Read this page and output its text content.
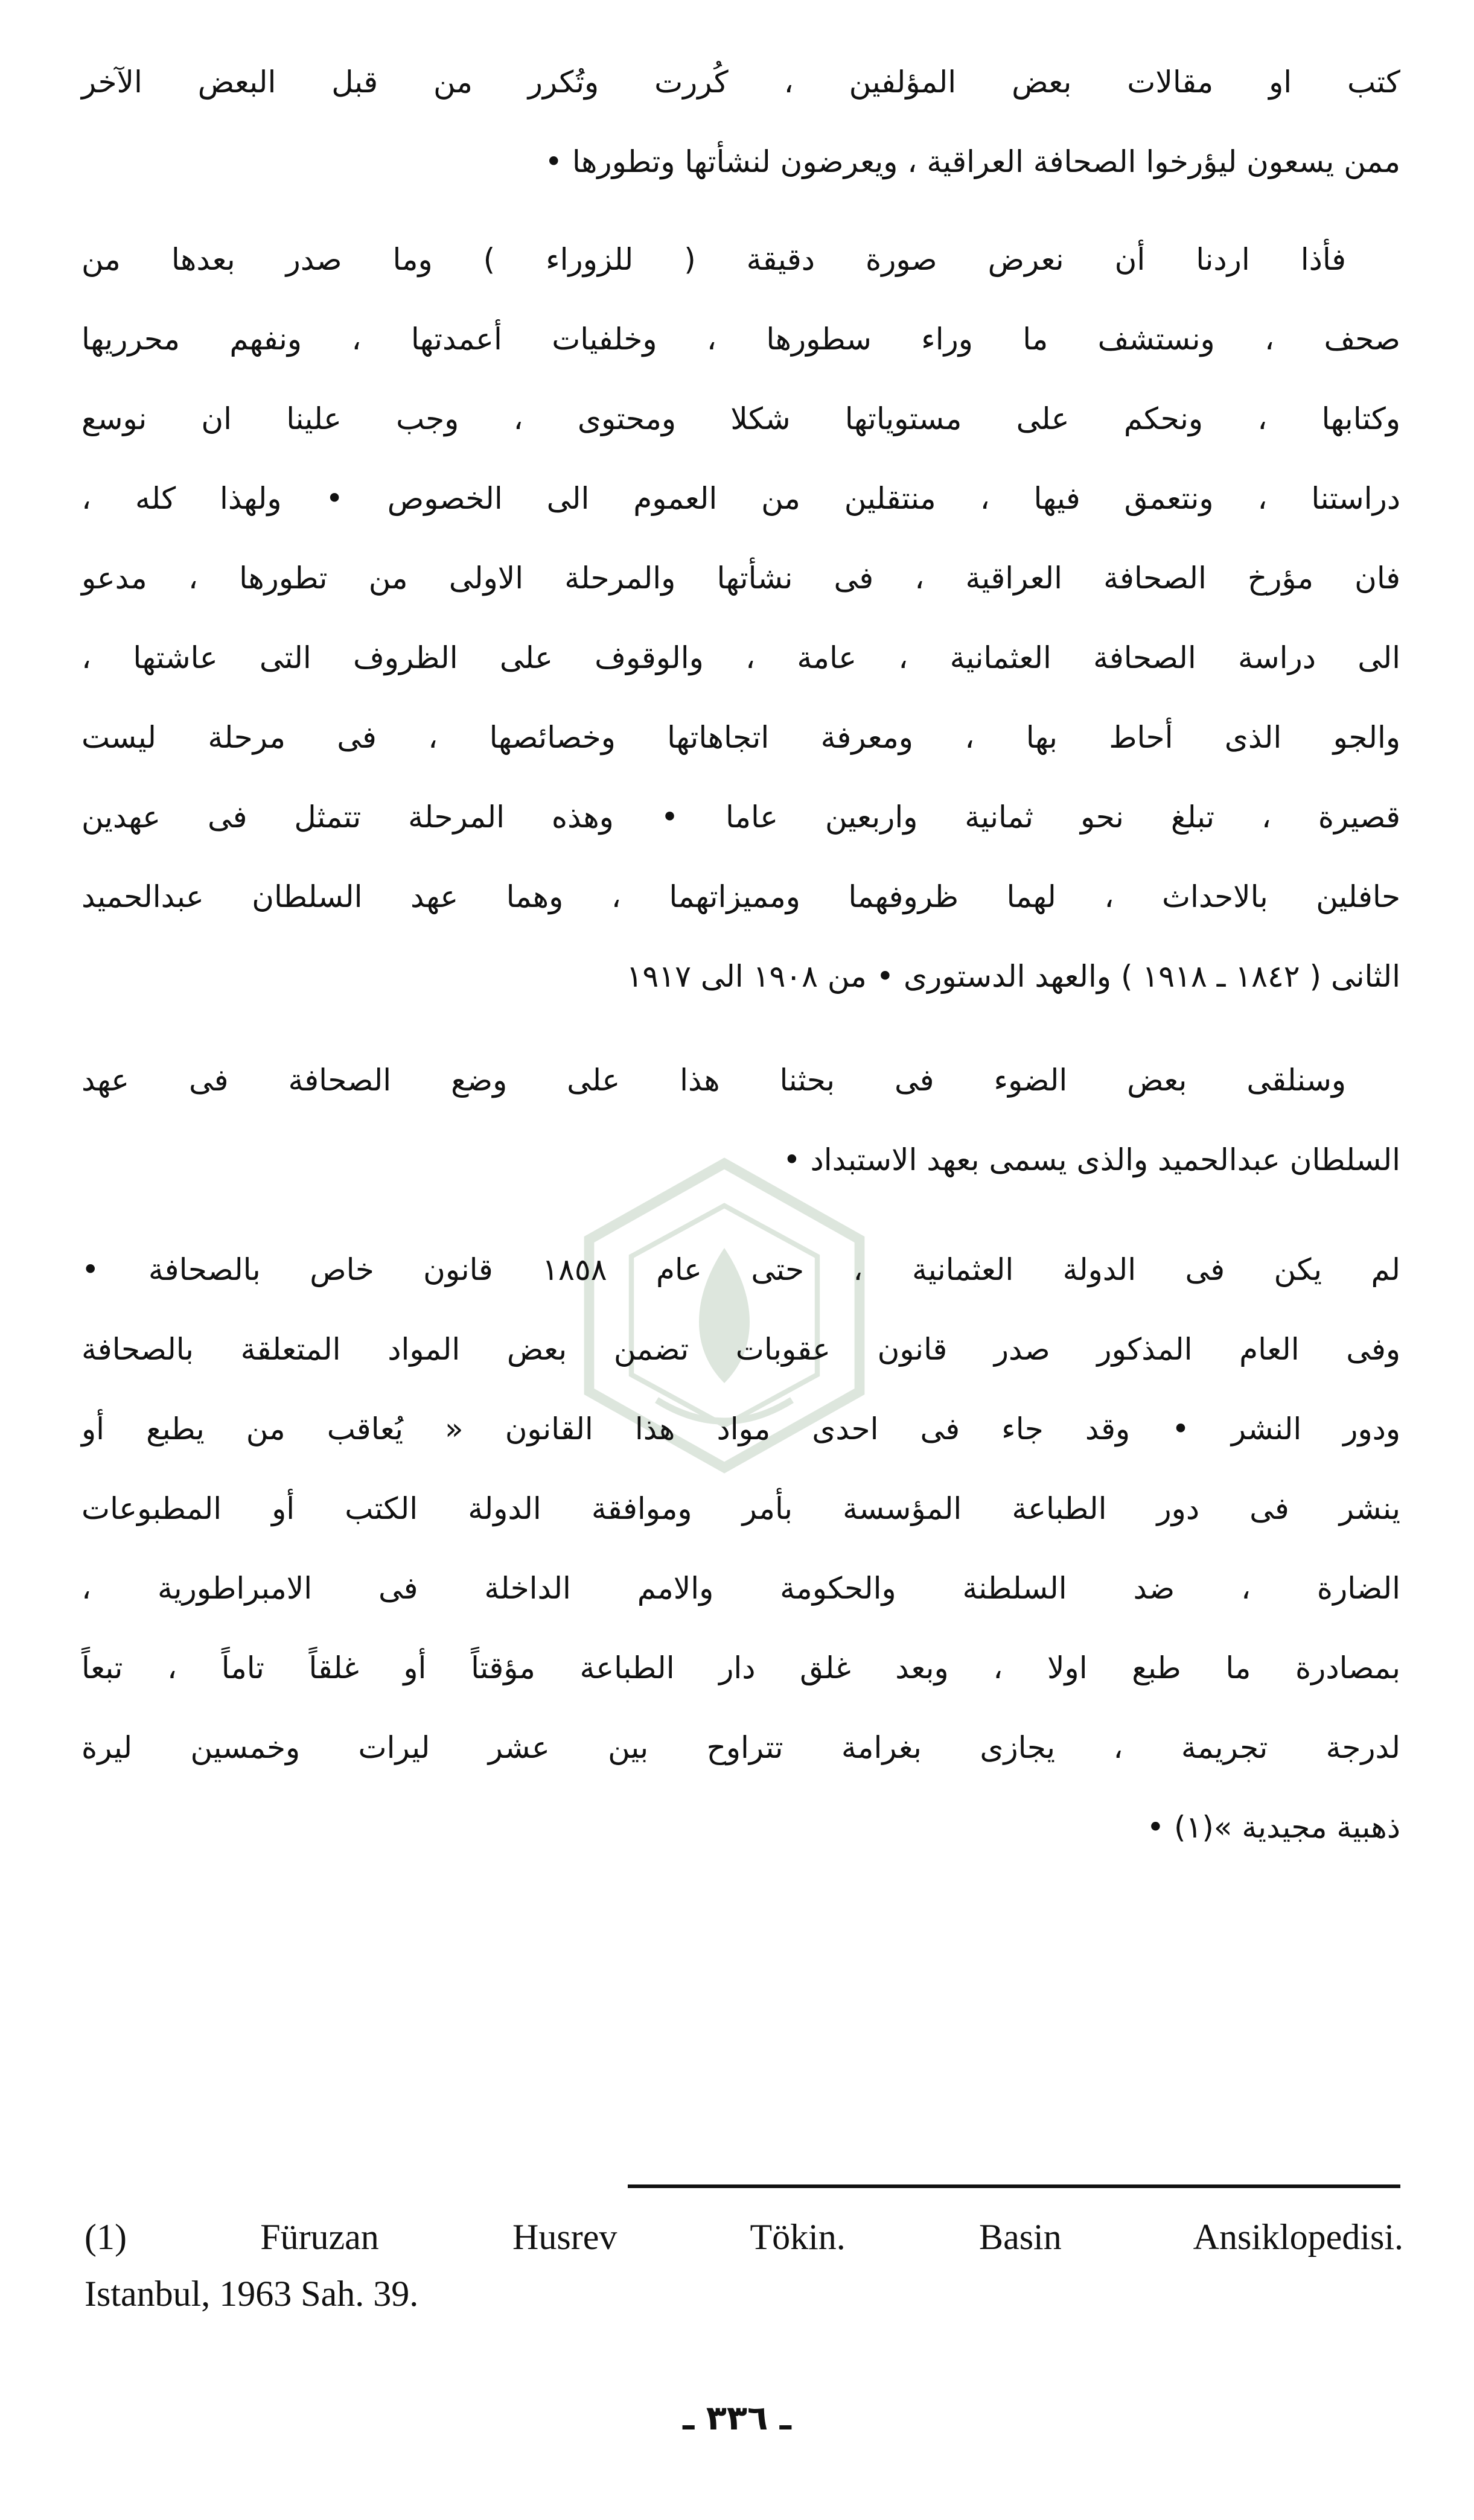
كتب او مقالات بعض المؤلفين ، كُررت وتُكرر من قبل البعض الآخر
ممن يسعون ليؤرخوا الصحافة العراقية ، ويعرضون لنشأتها وتطورها •
فأذا اردنا أن نعرض صورة دقيقة ( للزوراء ) وما صدر بعدها من
صحف ، ونستشف ما وراء سطورها ، وخلفيات أعمدتها ، ونفهم محرريها
وكتابها ، ونحكم على مستوياتها شكلا ومحتوى ، وجب علينا ان نوسع
دراستنا ، ونتعمق فيها ، منتقلين من العموم الى الخصوص • ولهذا كله ،
فان مؤرخ الصحافة العراقية ، فى نشأتها والمرحلة الاولى من تطورها ، مدعو
الى دراسة الصحافة العثمانية ، عامة ، والوقوف على الظروف التى عاشتها ،
والجو الذى أحاط بها ، ومعرفة اتجاهاتها وخصائصها ، فى مرحلة ليست
قصيرة ، تبلغ نحو ثمانية واربعين عاما • وهذه المرحلة تتمثل فى عهدين
حافلين بالاحداث ، لهما ظروفهما ومميزاتهما ، وهما عهد السلطان عبدالحميد
الثانى ( ١٨٤٢ ـ ١٩١٨ ) والعهد الدستورى • من ١٩٠٨ الى ١٩١٧
وسنلقى بعض الضوء فى بحثنا هذا على وضع الصحافة فى عهد
السلطان عبدالحميد والذى يسمى بعهد الاستبداد •
لم يكن فى الدولة العثمانية ، حتى عام ١٨٥٨ قانون خاص بالصحافة •
وفى العام المذكور صدر قانون عقوبات تضمن بعض المواد المتعلقة بالصحافة
ودور النشر • وقد جاء فى احدى مواد هذا القانون « يُعاقب من يطبع أو
ينشر فى دور الطباعة المؤسسة بأمر وموافقة الدولة الكتب أو المطبوعات
الضارة ، ضد السلطنة والحكومة والامم الداخلة فى الامبراطورية ،
بمصادرة ما طبع اولا ، وبعد غلق دار الطباعة مؤقتاً أو غلقاً تاماً ، تبعاً
لدرجة تجريمة ، يجازى بغرامة تتراوح بين عشر ليرات وخمسين ليرة
ذهبية مجيدية »(١) •
(1) Füruzan Husrev Tökin. Basin Ansiklopedisi.
Istanbul, 1963 Sah. 39.
ـ ٣٣٦ ـ
